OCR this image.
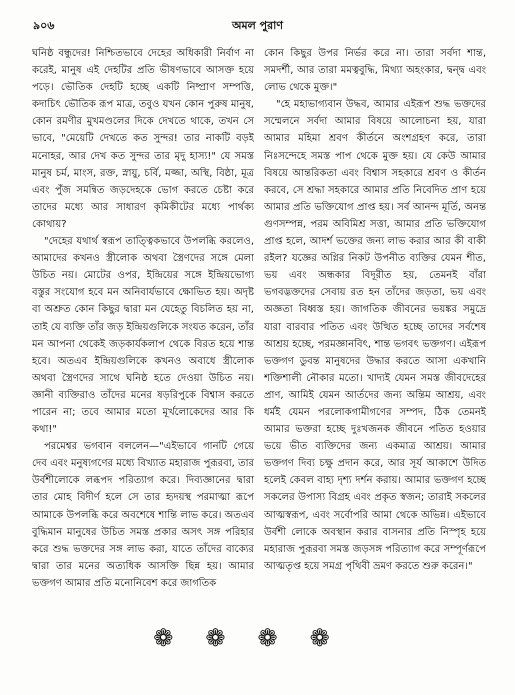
৯০৬	অমল পুরাণ

ঘনিষ্ঠ বন্ধুদের! নিশ্চিতভাবে দেহের অধিকারী নির্বাণ না করেই, মানুষ এই দেহটির প্রতি ভীষণভাবে আসক্ত হয়ে পড়ে। ভৌতিক দেহটি হচ্ছে একটি নিষ্প্রাণ সম্পত্তি, কদাচিৎ ভৌতিক রূপ মাত্র, তবুও যখন কোন পুরুষ মানুষ, কোন রমণীর মুখমণ্ডলের দিকে দেখতে থাকে, তখন সে ভাবে, "মেয়েটি দেখতে কত সুন্দর! তার নাকটি বড়ই মনোহর, আর দেখ কত সুন্দর তার মৃদু হাস্য!" যে সমস্ত মানুষ চর্ম, মাংস, রক্ত, স্নায়ু, চর্বি, মজ্জা, অস্থি, বিষ্ঠা, মূত্র এবং পুঁজ সমন্বিত জড়দেহকে ভোগ করতে চেষ্টা করে তাদের মধ্যে আর সাধারণ কৃমিকীটের মধ্যে পার্থক্য কোথায়?

"দেহের যথার্থ স্বরূপ তাত্ত্বিকভাবে উপলব্ধি করলেও, আমাদের কখনও স্ত্রীলোক অথবা স্ত্রৈণদের সঙ্গে মেলা উচিত নয়। মোটের ওপর, ইন্দ্রিয়ের সঙ্গে ইন্দ্রিয়ভোগ্য বস্তুর সংযোগ হবে মন অনিবার্যভাবে ক্ষোভিত হয়। অদৃষ্ট বা অশ্রুত কোন কিছুর দ্বারা মন যেহেতু বিচলিত হয় না, তাই যে ব্যক্তি তাঁর জড় ইন্দ্রিয়গুলিকে সংযত করেন, তাঁর মন আপনা থেকেই জড়কার্যকলাপ থেকে বিরত হয়ে শান্ত হবে। অতএব ইন্দ্রিয়গুলিকে কখনও অবাধে স্ত্রীলোক অথবা স্ত্রৈণদের সাথে ঘনিষ্ঠ হতে দেওয়া উচিত নয়। জ্ঞানী ব্যক্তিরাও তাঁদের মনের ষড়রিপুকে বিশ্বাস করতে পারেন না; তবে আমার মতো মূর্খলোকেদের আর কি কথা!"

পরমেশ্বর ভগবান বললেন—"এইভাবে গানটি গেয়ে দেব এবং মনুষ্যগণের মধ্যে বিখ্যাত মহারাজ পুরূরবা, তার উর্বশীলোকে লব্ধপদ পরিত্যাগ করে। দিব্যজ্ঞানের দ্বারা তার মোহ বিদীর্ণ হলে সে তার হৃদয়স্থ পরমাত্মা রূপে আমাকে উপলব্ধি করে অবশেষে শান্তি লাভ করে। অতএব বুদ্ধিমান মানুষের উচিত সমস্ত প্রকার অসৎ সঙ্গ পরিহার করে শুদ্ধ ভক্তদের সঙ্গ লাভ করা, যাতে তাঁদের বাক্যের দ্বারা তার মনের অত্যধিক আসক্তি ছিন্ন হয়। আমার ভক্তগণ আমার প্রতি মনোনিবেশ করে জাগতিক

কোন কিছুর উপর নির্ভর করে না। তারা সর্বদা শান্ত, সমদর্শী, আর তারা মমত্ববুদ্ধি, মিথ্যা অহংকার, দ্বন্দ্ব এবং লোভ থেকে মুক্ত।"

"হে মহাভাগ্যবান উদ্ধব, আমার এইরূপ শুদ্ধ ভক্তদের সম্মেলনে সর্বদা আমার বিষয়ে আলোচনা হয়, যারা আমার মহিমা শ্রবণ কীর্তনে অংশগ্রহণ করে, তারা নিঃসন্দেহে সমস্ত পাপ থেকে মুক্ত হয়। যে কেউ আমার বিষয়ে আন্তরিকতা এবং বিশ্বাস সহকারে শ্রবণ ও কীর্তন করবে, সে শ্রদ্ধা সহকারে আমার প্রতি নিবেদিত প্রাণ হয়ে আমার প্রতি ভক্তিযোগ প্রাপ্ত হয়। সর্ব আনন্দ মূর্তি, অনন্ত গুণসম্পন্ন, পরম অবিমিশ্র সত্তা, আমার প্রতি ভক্তিযোগ প্রাপ্ত হলে, আদর্শ ভক্তের জন্য লাভ করার আর কী বাকী রইল? যজ্ঞের অগ্নির নিকট উপনীত ব্যক্তির যেমন শীত, ভয় এবং অন্ধকার বিদূরীত হয়, তেমনই বাঁরা ভগবদ্ভক্তদের সেবায় রত হন তাঁদের জড়তা, ভয় এবং অজ্ঞতা বিধ্বস্ত হয়। জাগতিক জীবনের ভয়ঙ্কর সমুদ্রে যারা বারবার পতিত এবং উত্থিত হচ্ছে তাদের সর্বশেষ আশ্রয় হচ্ছে, পরমজ্ঞানবিৎ, শান্ত ভগবৎ ভক্তগণ। এইরূপ ভক্তগণ ডুবন্ত মানুষদের উদ্ধার করতে আসা একখানি শক্তিশালী নৌকার মতো। খাদ্যই যেমন সমস্ত জীবদেহের প্রাণ, আমিই যেমন আর্তদের জন্য অন্তিম আশ্রয়, এবং ধর্মই যেমন পরলোকগামীগণের সম্পদ, ঠিক তেমনই আমার ভক্তরা হচ্ছে দুঃখজনক জীবনে পতিত হওয়ার ভয়ে ভীত ব্যক্তিদের জন্য একমাত্র আশ্রয়। আমার ভক্তগণ দিব্য চক্ষু প্রদান করে, আর সূর্য আকাশে উদিত হলেই কেবল বাহ্য দৃশ্য দর্শন করায়। আমার ভক্তগণ হচ্ছে সকলের উপাস্য বিগ্রহ এবং প্রকৃত স্বজন; তারাই সকলের আত্মস্বরূপ, এবং সর্বোপরি আমা থেকে অভিন্ন। এইভাবে উর্বশী লোকে অবস্থান করার বাসনার প্রতি নিস্পৃহ হয়ে মহারাজ পুরূরবা সমস্ত জড়সঙ্গ পরিত্যাগ করে সম্পূর্ণরূপে আত্মতৃপ্ত হয়ে সমগ্র পৃথিবী ভ্রমণ করতে শুরু করেন।"

❁❁❁❁
